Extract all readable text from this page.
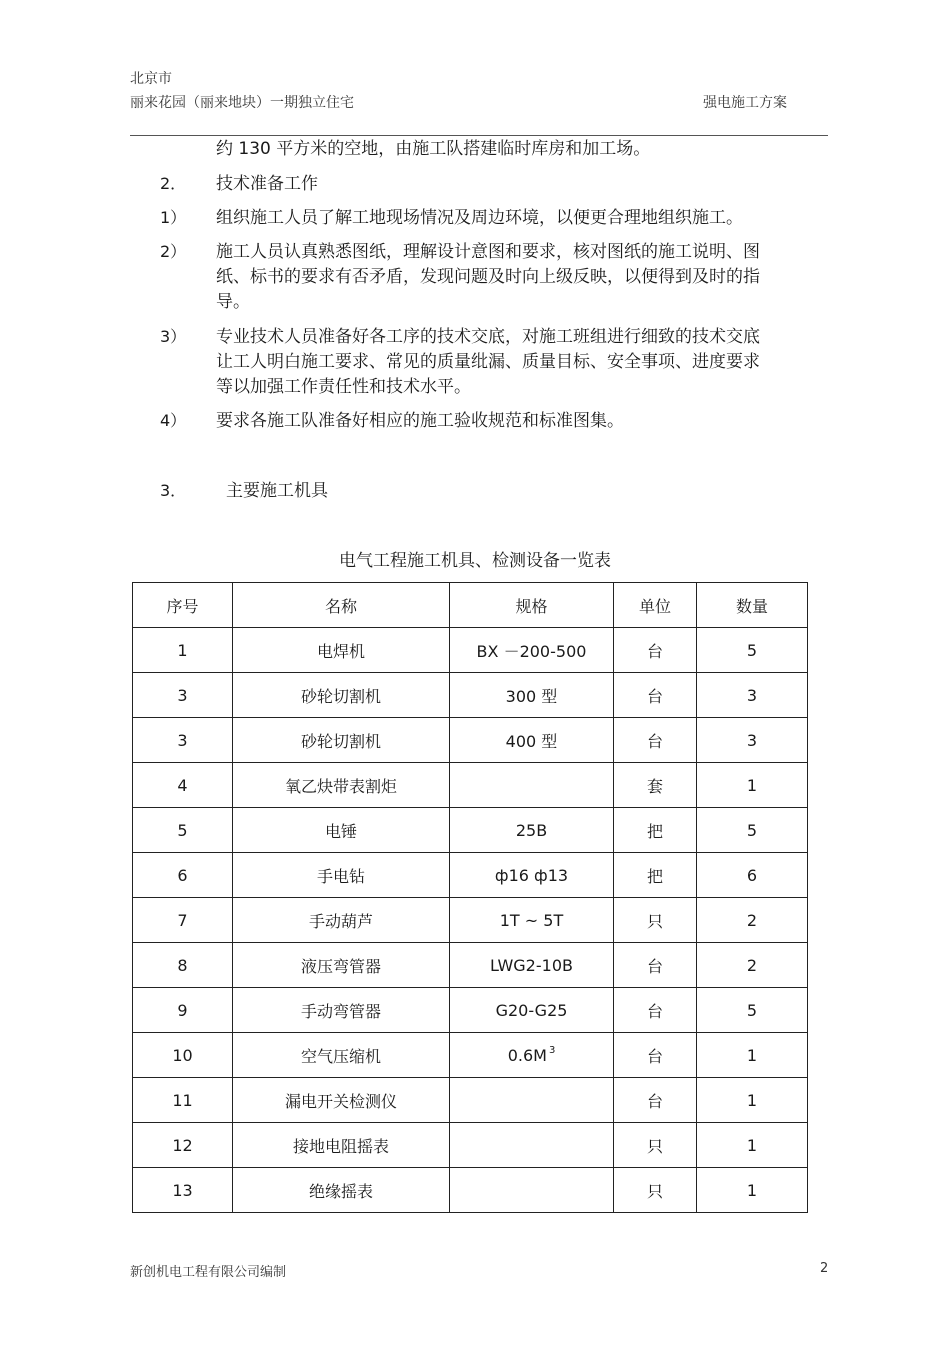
北京市
丽来花园（丽来地块）一期独立住宅	强电施工方案
约 130 平方米的空地，由施工队搭建临时库房和加工场。
2． 技术准备工作
1） 组织施工人员了解工地现场情况及周边环境，以便更合理地组织施工。
2） 施工人员认真熟悉图纸，理解设计意图和要求，核对图纸的施工说明、图
纸、标书的要求有否矛盾，发现问题及时向上级反映，以便得到及时的指
导。
3） 专业技术人员准备好各工序的技术交底，对施工班组进行细致的技术交底
让工人明白施工要求、常见的质量纰漏、质量目标、安全事项、进度要求
等以加强工作责任性和技术水平。
4） 要求各施工队准备好相应的施工验收规范和标准图集。
3． 主要施工机具
电气工程施工机具、检测设备一览表
序号	名称	规格	单位	数量
1	电焊机	BX －200-500	台	5
3	砂轮切割机	300 型	台	3
3	砂轮切割机	400 型	台	3
4	氧乙炔带表割炬		套	1
5	电锤	25B	把	5
6	手电钻	ф16 ф13	把	6
7	手动葫芦	1T ~ 5T	只	2
8	液压弯管器	LWG2-10B	台	2
9	手动弯管器	G20-G25	台	5
10	空气压缩机	0.6M $^3$	台	1
11	漏电开关检测仪		台	1
12	接地电阻摇表		只	1
13	绝缘摇表		只	1
新创机电工程有限公司编制	2
